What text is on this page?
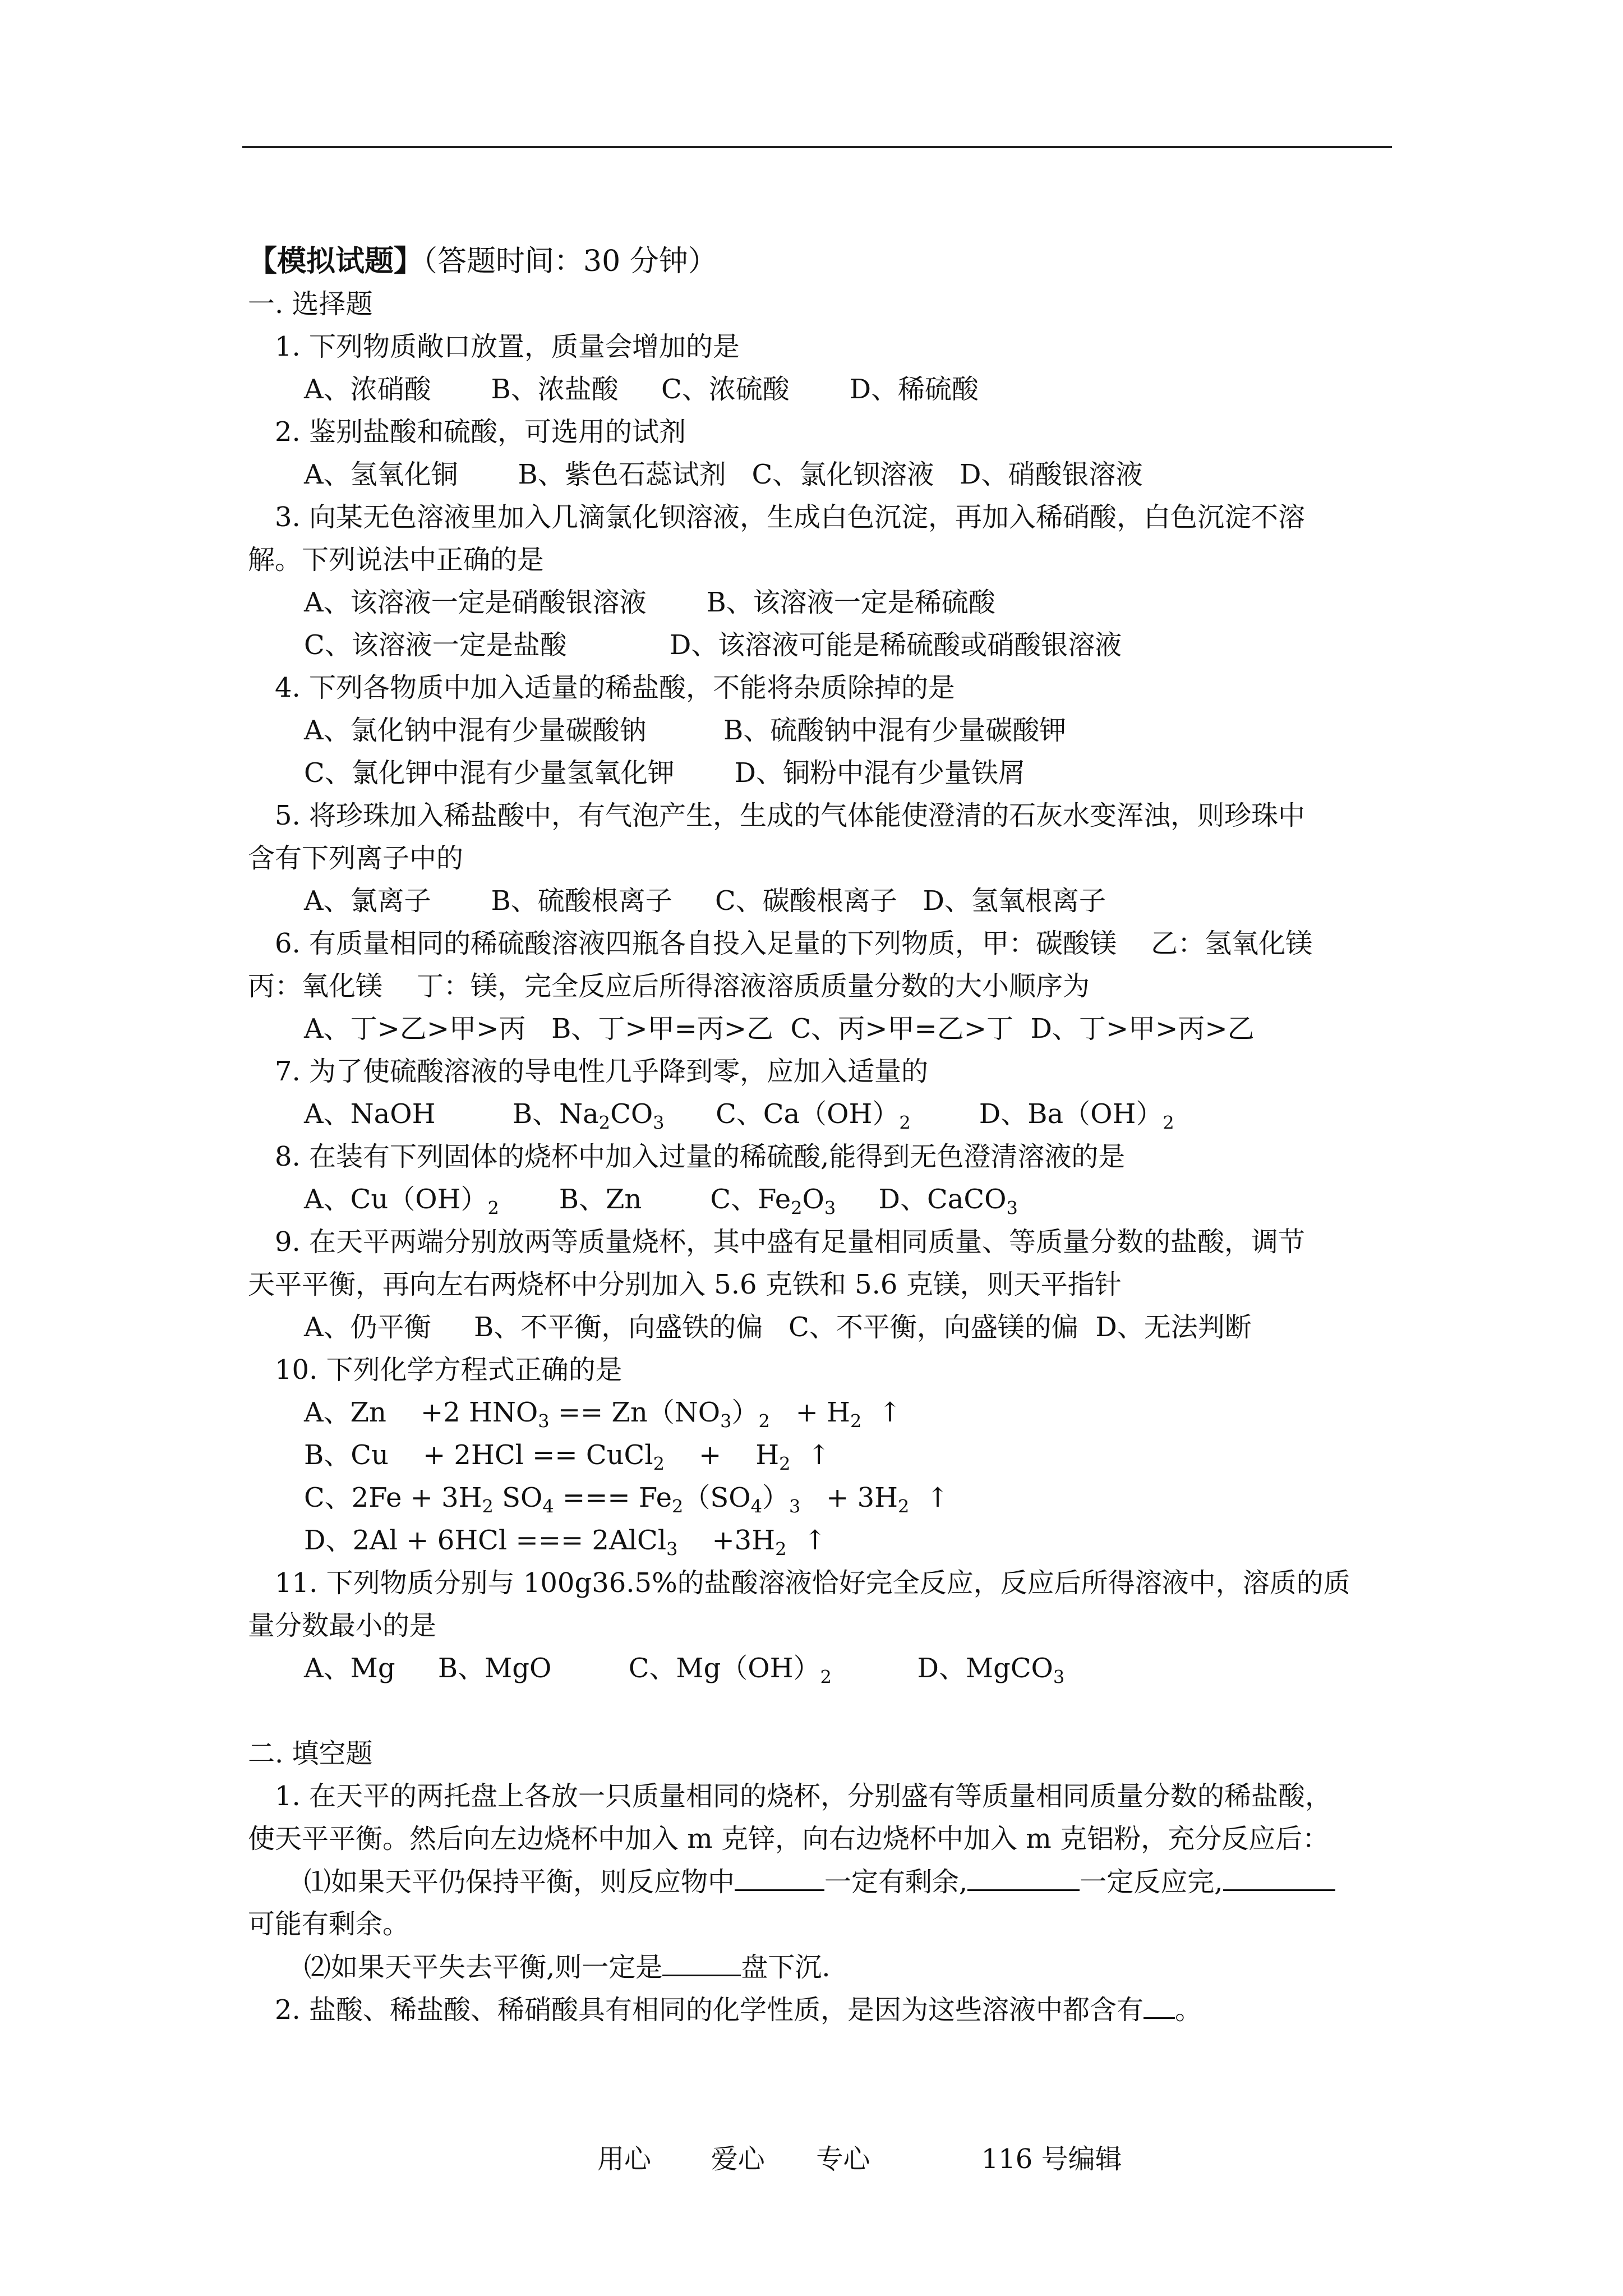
【模拟试题】（答题时间：30 分钟）
一. 选择题
1. 下列物质敞口放置，质量会增加的是
A、浓硝酸       B、浓盐酸     C、浓硫酸       D、稀硫酸
2. 鉴别盐酸和硫酸，可选用的试剂
A、氢氧化铜       B、紫色石蕊试剂   C、氯化钡溶液   D、硝酸银溶液
3. 向某无色溶液里加入几滴氯化钡溶液，生成白色沉淀，再加入稀硝酸，白色沉淀不溶
解。下列说法中正确的是
A、该溶液一定是硝酸银溶液       B、该溶液一定是稀硫酸
C、该溶液一定是盐酸            D、该溶液可能是稀硫酸或硝酸银溶液
4. 下列各物质中加入适量的稀盐酸，不能将杂质除掉的是
A、氯化钠中混有少量碳酸钠         B、硫酸钠中混有少量碳酸钾
C、氯化钾中混有少量氢氧化钾       D、铜粉中混有少量铁屑
5. 将珍珠加入稀盐酸中，有气泡产生，生成的气体能使澄清的石灰水变浑浊，则珍珠中
含有下列离子中的
A、氯离子       B、硫酸根离子     C、碳酸根离子   D、氢氧根离子
6. 有质量相同的稀硫酸溶液四瓶各自投入足量的下列物质，甲：碳酸镁    乙：氢氧化镁
丙：氧化镁    丁：镁，完全反应后所得溶液溶质质量分数的大小顺序为
A、丁>乙>甲>丙   B、丁>甲=丙>乙  C、丙>甲=乙>丁  D、丁>甲>丙>乙
7. 为了使硫酸溶液的导电性几乎降到零，应加入适量的
A、NaOH	B、$Na_2CO_3$ C、$Ca(OH)_2$	D、$Ba(OH)_2$
8. 在装有下列固体的烧杯中加入过量的稀硫酸,能得到无色澄清溶液的是
A、$Cu(OH)_2$ B、Zn	C、$Fe_2O_3$ D、CaCO$_3$
9. 在天平两端分别放两等质量烧杯，其中盛有足量相同质量、等质量分数的盐酸，调节
天平平衡，再向左右两烧杯中分别加入 5.6 克铁和 5.6 克镁，则天平指针
A、仍平衡     B、不平衡，向盛铁的偏   C、不平衡，向盛镁的偏  D、无法判断
10. 下列化学方程式正确的是
A、Zn    +2 $HNO_3 == Zn(NO_3)_2 + H_2$  ↑
B、Cu    + 2HCl == CuCl$_2$    +    $H_2$  ↑
C、$2Fe + 3H_2$ $SO_4$ === $Fe_2(SO_4)_3 + 3H_2$  ↑
D、2Al + 6HCl === 2AlCl$_3$    $+3H_2$  ↑
11. 下列物质分别与 100g36.5%的盐酸溶液恰好完全反应，反应后所得溶液中，溶质的质
量分数最小的是
A、Mg B、MgO	C、$Mg(OH)_2$	D、MgCO$_3$
二. 填空题
1. 在天平的两托盘上各放一只质量相同的烧杯，分别盛有等质量相同质量分数的稀盐酸，
使天平平衡。然后向左边烧杯中加入 m 克锌，向右边烧杯中加入 m 克铝粉，充分反应后：
⑴如果天平仍保持平衡，则反应物中	一定有剩余,	一定反应完,
可能有剩余。
⑵如果天平失去平衡,则一定是	盘下沉.
2. 盐酸、稀盐酸、稀硝酸具有相同的化学性质，是因为这些溶液中都含有 。
用心       爱心      专心             116 号编辑
